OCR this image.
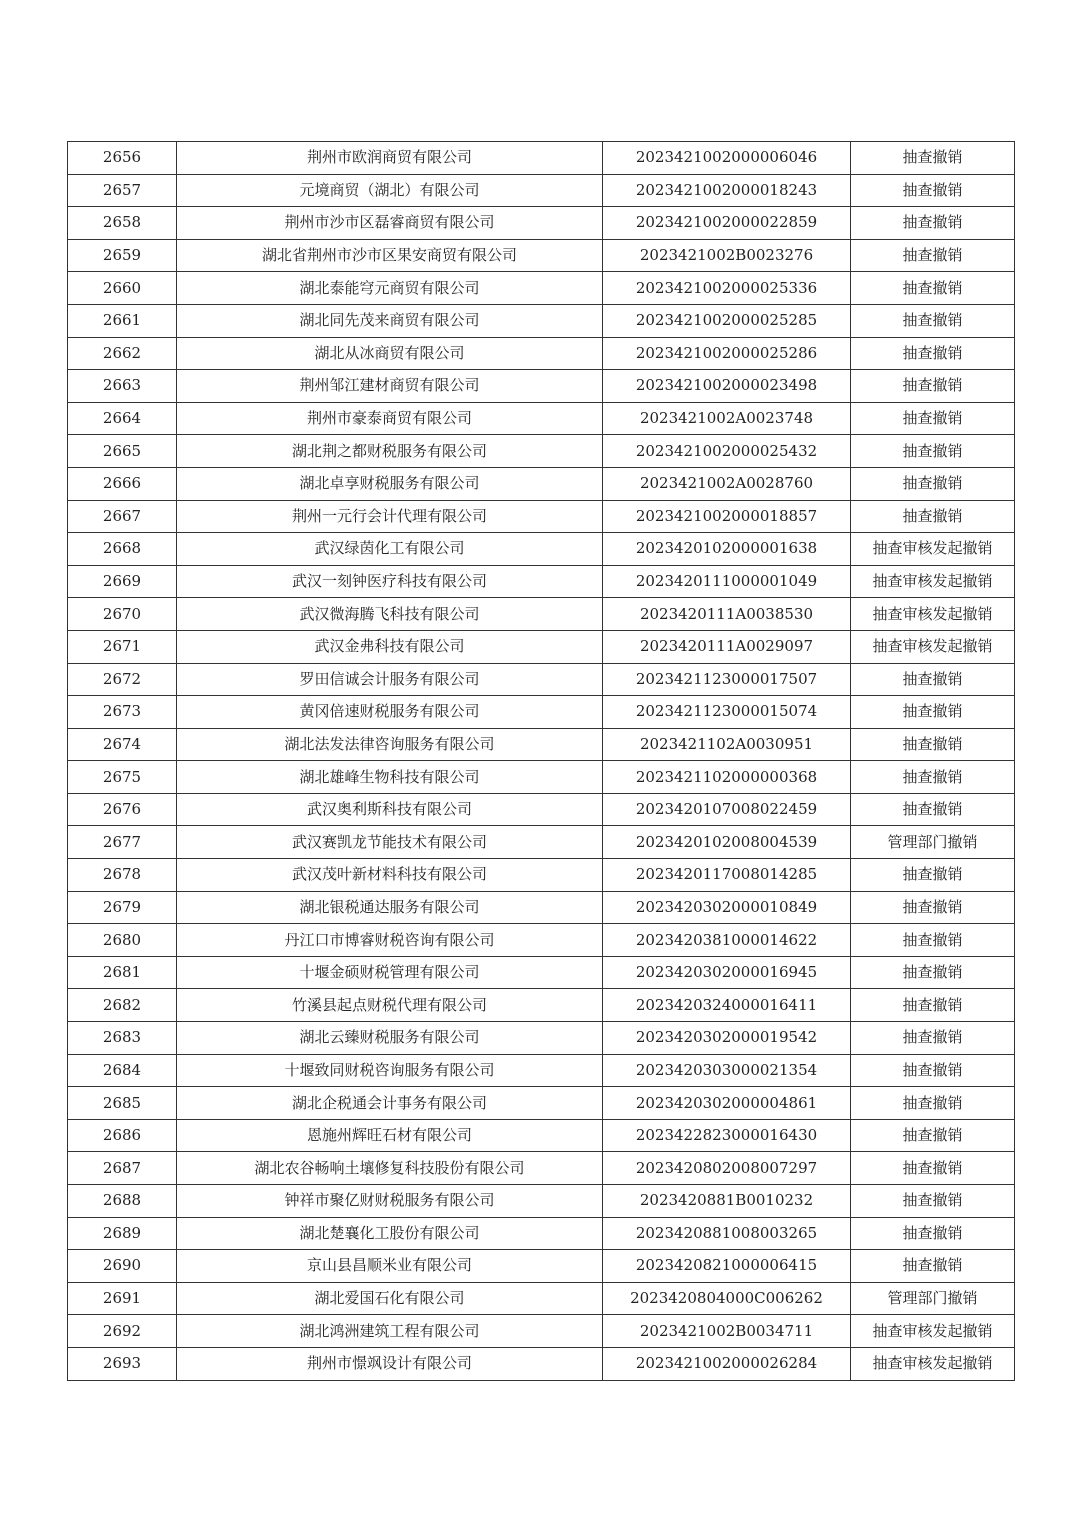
2656	荆州市欧润商贸有限公司	2023421002000006046	抽查撤销
2657	元境商贸（湖北）有限公司	2023421002000018243	抽查撤销
2658	荆州市沙市区磊睿商贸有限公司	2023421002000022859	抽查撤销
2659	湖北省荆州市沙市区果安商贸有限公司	2023421002B0023276	抽查撤销
2660	湖北泰能穹元商贸有限公司	2023421002000025336	抽查撤销
2661	湖北同先茂来商贸有限公司	2023421002000025285	抽查撤销
2662	湖北从冰商贸有限公司	2023421002000025286	抽查撤销
2663	荆州邹江建材商贸有限公司	2023421002000023498	抽查撤销
2664	荆州市豪泰商贸有限公司	2023421002A0023748	抽查撤销
2665	湖北荆之都财税服务有限公司	2023421002000025432	抽查撤销
2666	湖北卓享财税服务有限公司	2023421002A0028760	抽查撤销
2667	荆州一元行会计代理有限公司	2023421002000018857	抽查撤销
2668	武汉绿茵化工有限公司	2023420102000001638	抽查审核发起撤销
2669	武汉一刻钟医疗科技有限公司	2023420111000001049	抽查审核发起撤销
2670	武汉微海腾飞科技有限公司	2023420111A0038530	抽查审核发起撤销
2671	武汉金弗科技有限公司	2023420111A0029097	抽查审核发起撤销
2672	罗田信诚会计服务有限公司	2023421123000017507	抽查撤销
2673	黄冈倍速财税服务有限公司	2023421123000015074	抽查撤销
2674	湖北法发法律咨询服务有限公司	2023421102A0030951	抽查撤销
2675	湖北雄峰生物科技有限公司	2023421102000000368	抽查撤销
2676	武汉奥利斯科技有限公司	2023420107008022459	抽查撤销
2677	武汉赛凯龙节能技术有限公司	2023420102008004539	管理部门撤销
2678	武汉茂叶新材料科技有限公司	2023420117008014285	抽查撤销
2679	湖北银税通达服务有限公司	2023420302000010849	抽查撤销
2680	丹江口市博睿财税咨询有限公司	2023420381000014622	抽查撤销
2681	十堰金硕财税管理有限公司	2023420302000016945	抽查撤销
2682	竹溪县起点财税代理有限公司	2023420324000016411	抽查撤销
2683	湖北云臻财税服务有限公司	2023420302000019542	抽查撤销
2684	十堰致同财税咨询服务有限公司	2023420303000021354	抽查撤销
2685	湖北企税通会计事务有限公司	2023420302000004861	抽查撤销
2686	恩施州辉旺石材有限公司	2023422823000016430	抽查撤销
2687	湖北农谷畅响土壤修复科技股份有限公司	2023420802008007297	抽查撤销
2688	钟祥市聚亿财财税服务有限公司	2023420881B0010232	抽查撤销
2689	湖北楚襄化工股份有限公司	2023420881008003265	抽查撤销
2690	京山县昌顺米业有限公司	2023420821000006415	抽查撤销
2691	湖北爱国石化有限公司	2023420804000C006262	管理部门撤销
2692	湖北鸿洲建筑工程有限公司	2023421002B0034711	抽查审核发起撤销
2693	荆州市憬飒设计有限公司	2023421002000026284	抽查审核发起撤销
